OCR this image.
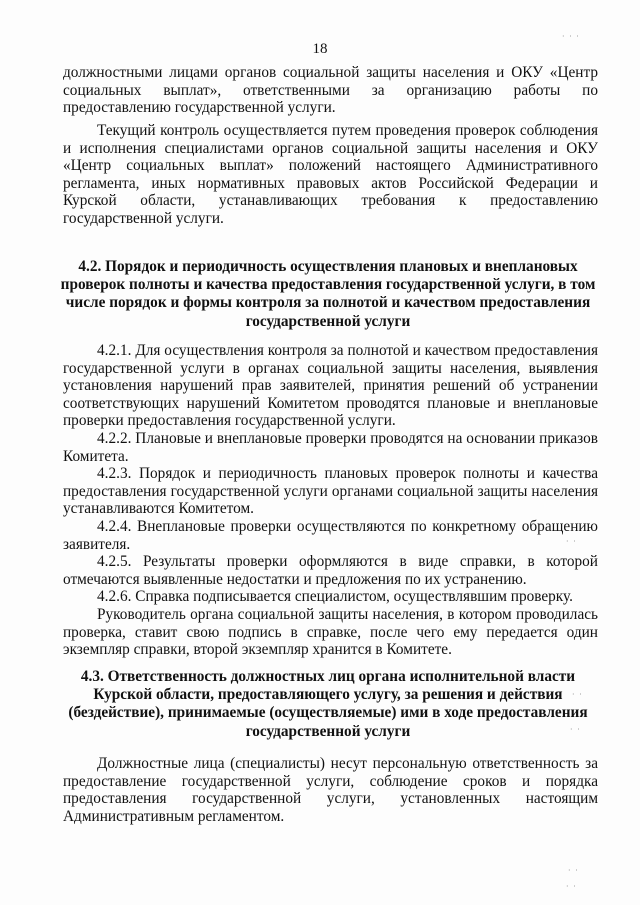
18
должностными лицами органов социальной защиты населения и ОКУ «Центр социальных выплат», ответственными за организацию работы по предоставлению государственной услуги.
Текущий контроль осуществляется путем проведения проверок соблюдения и исполнения специалистами органов социальной защиты населения и ОКУ «Центр социальных выплат» положений настоящего Административного регламента, иных нормативных правовых актов Российской Федерации и Курской области, устанавливающих требования к предоставлению государственной услуги.
4.2. Порядок и периодичность осуществления плановых и внеплановых проверок полноты и качества предоставления государственной услуги, в том числе порядок и формы контроля за полнотой и качеством предоставления государственной услуги
4.2.1. Для осуществления контроля за полнотой и качеством предоставления государственной услуги в органах социальной защиты населения, выявления установления нарушений прав заявителей, принятия решений об устранении соответствующих нарушений Комитетом проводятся плановые и внеплановые проверки предоставления государственной услуги.
4.2.2. Плановые и внеплановые проверки проводятся на основании приказов Комитета.
4.2.3. Порядок и периодичность плановых проверок полноты и качества предоставления государственной услуги органами социальной защиты населения устанавливаются Комитетом.
4.2.4. Внеплановые проверки осуществляются по конкретному обращению заявителя.
4.2.5. Результаты проверки оформляются в виде справки, в которой отмечаются выявленные недостатки и предложения по их устранению.
4.2.6. Справка подписывается специалистом, осуществлявшим проверку.
Руководитель органа социальной защиты населения, в котором проводилась проверка, ставит свою подпись в справке, после чего ему передается один экземпляр справки, второй экземпляр хранится в Комитете.
4.3. Ответственность должностных лиц органа исполнительной власти Курской области, предоставляющего услугу, за решения и действия (бездействие), принимаемые (осуществляемые) ими в ходе предоставления государственной услуги
Должностные лица (специалисты) несут персональную ответственность за предоставление государственной услуги, соблюдение сроков и порядка предоставления государственной услуги, установленных настоящим Административным регламентом.
· · ·
· ·
· ·
· ·
· ·
· ·
